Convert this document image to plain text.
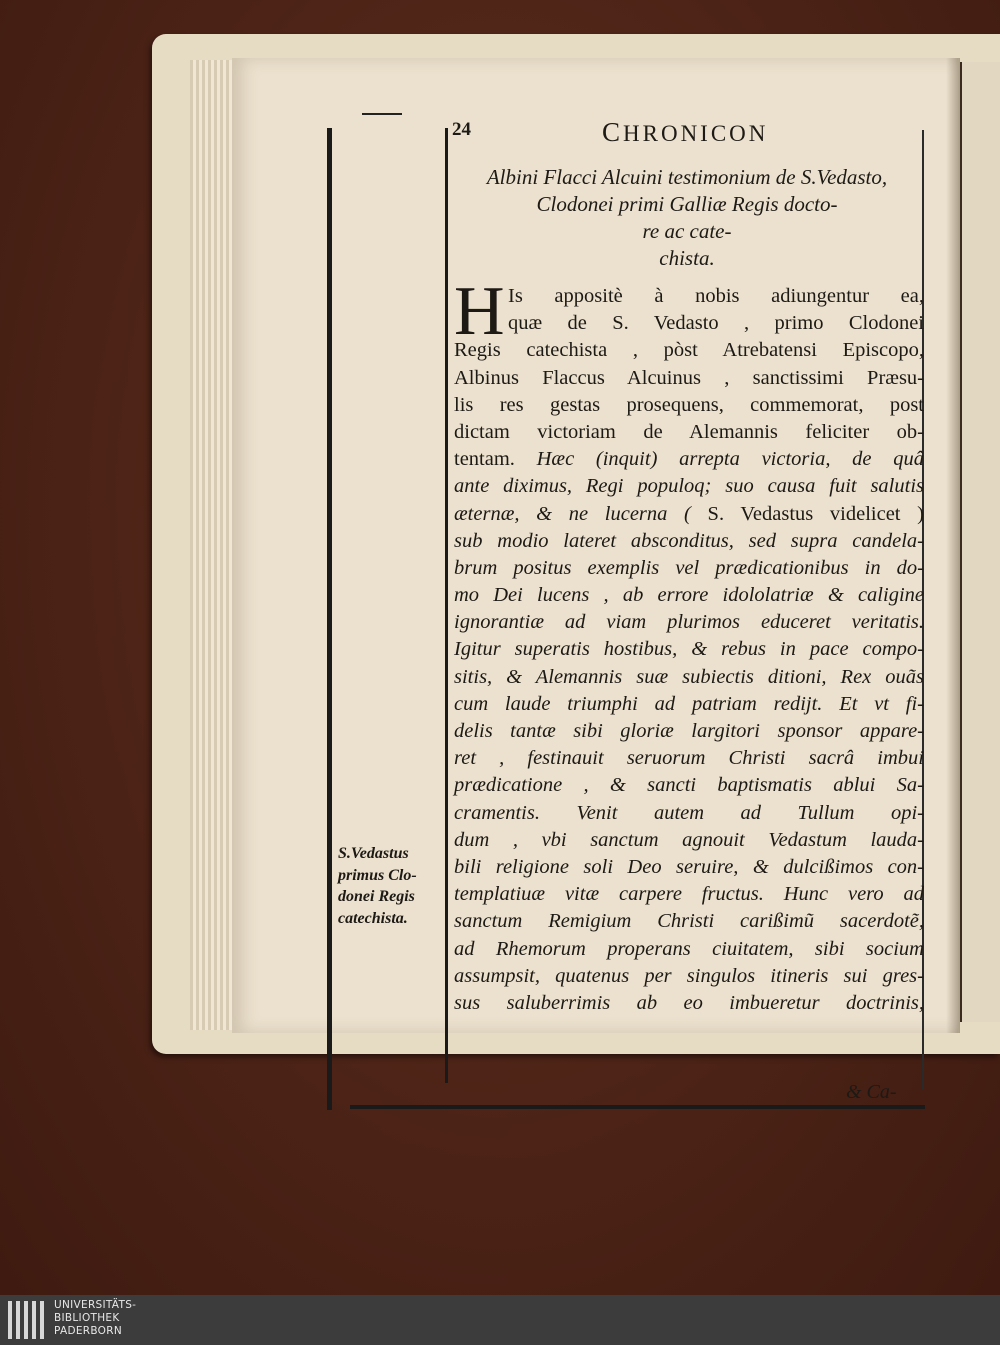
24	CHRONICON
Albini Flacci Alcuini testimonium de S.Vedasto,
Clodonei primi Galliæ Regis docto-
re ac cate-
chista.
H Is appositè à nobis adiungentur ea,
quæ de S. Vedasto , primo Clodonei
Regis catechista , pòst Atrebatensi Episcopo,
Albinus Flaccus Alcuinus , sanctissimi Præsu-
lis res gestas prosequens, commemorat, post
dictam victoriam de Alemannis feliciter ob-
tentam. Hæc (inquit) arrepta victoria, de quâ
ante diximus, Regi populoq; suo causa fuit salutis
æternæ, & ne lucerna ( S. Vedastus videlicet )
sub modio lateret absconditus, sed supra candela-
brum positus exemplis vel prædicationibus in do-
mo Dei lucens , ab errore idololatriæ & caligine
ignorantiæ ad viam plurimos educeret veritatis.
Igitur superatis hostibus, & rebus in pace compo-
sitis, & Alemannis suæ subiectis ditioni, Rex ouãs
cum laude triumphi ad patriam redijt. Et vt fi-
delis tantæ sibi gloriæ largitori sponsor appare-
ret , festinauit seruorum Christi sacrâ imbui
prædicatione , & sancti baptismatis ablui Sa-
cramentis. Venit autem ad Tullum opi-
dum , vbi sanctum agnouit Vedastum lauda-
bili religione soli Deo seruire, & dulcißimos con-
templatiuæ vitæ carpere fructus. Hunc vero ad
sanctum Remigium Christi carißimũ sacerdotẽ,
ad Rhemorum properans ciuitatem, sibi socium
assumpsit, quatenus per singulos itineris sui gres-
sus saluberrimis ab eo imbueretur doctrinis,
& Ca-
S.Vedastus
primus Clo-
donei Regis
catechista.
UNIVERSITÄTS-
BIBLIOTHEK
PADERBORN
